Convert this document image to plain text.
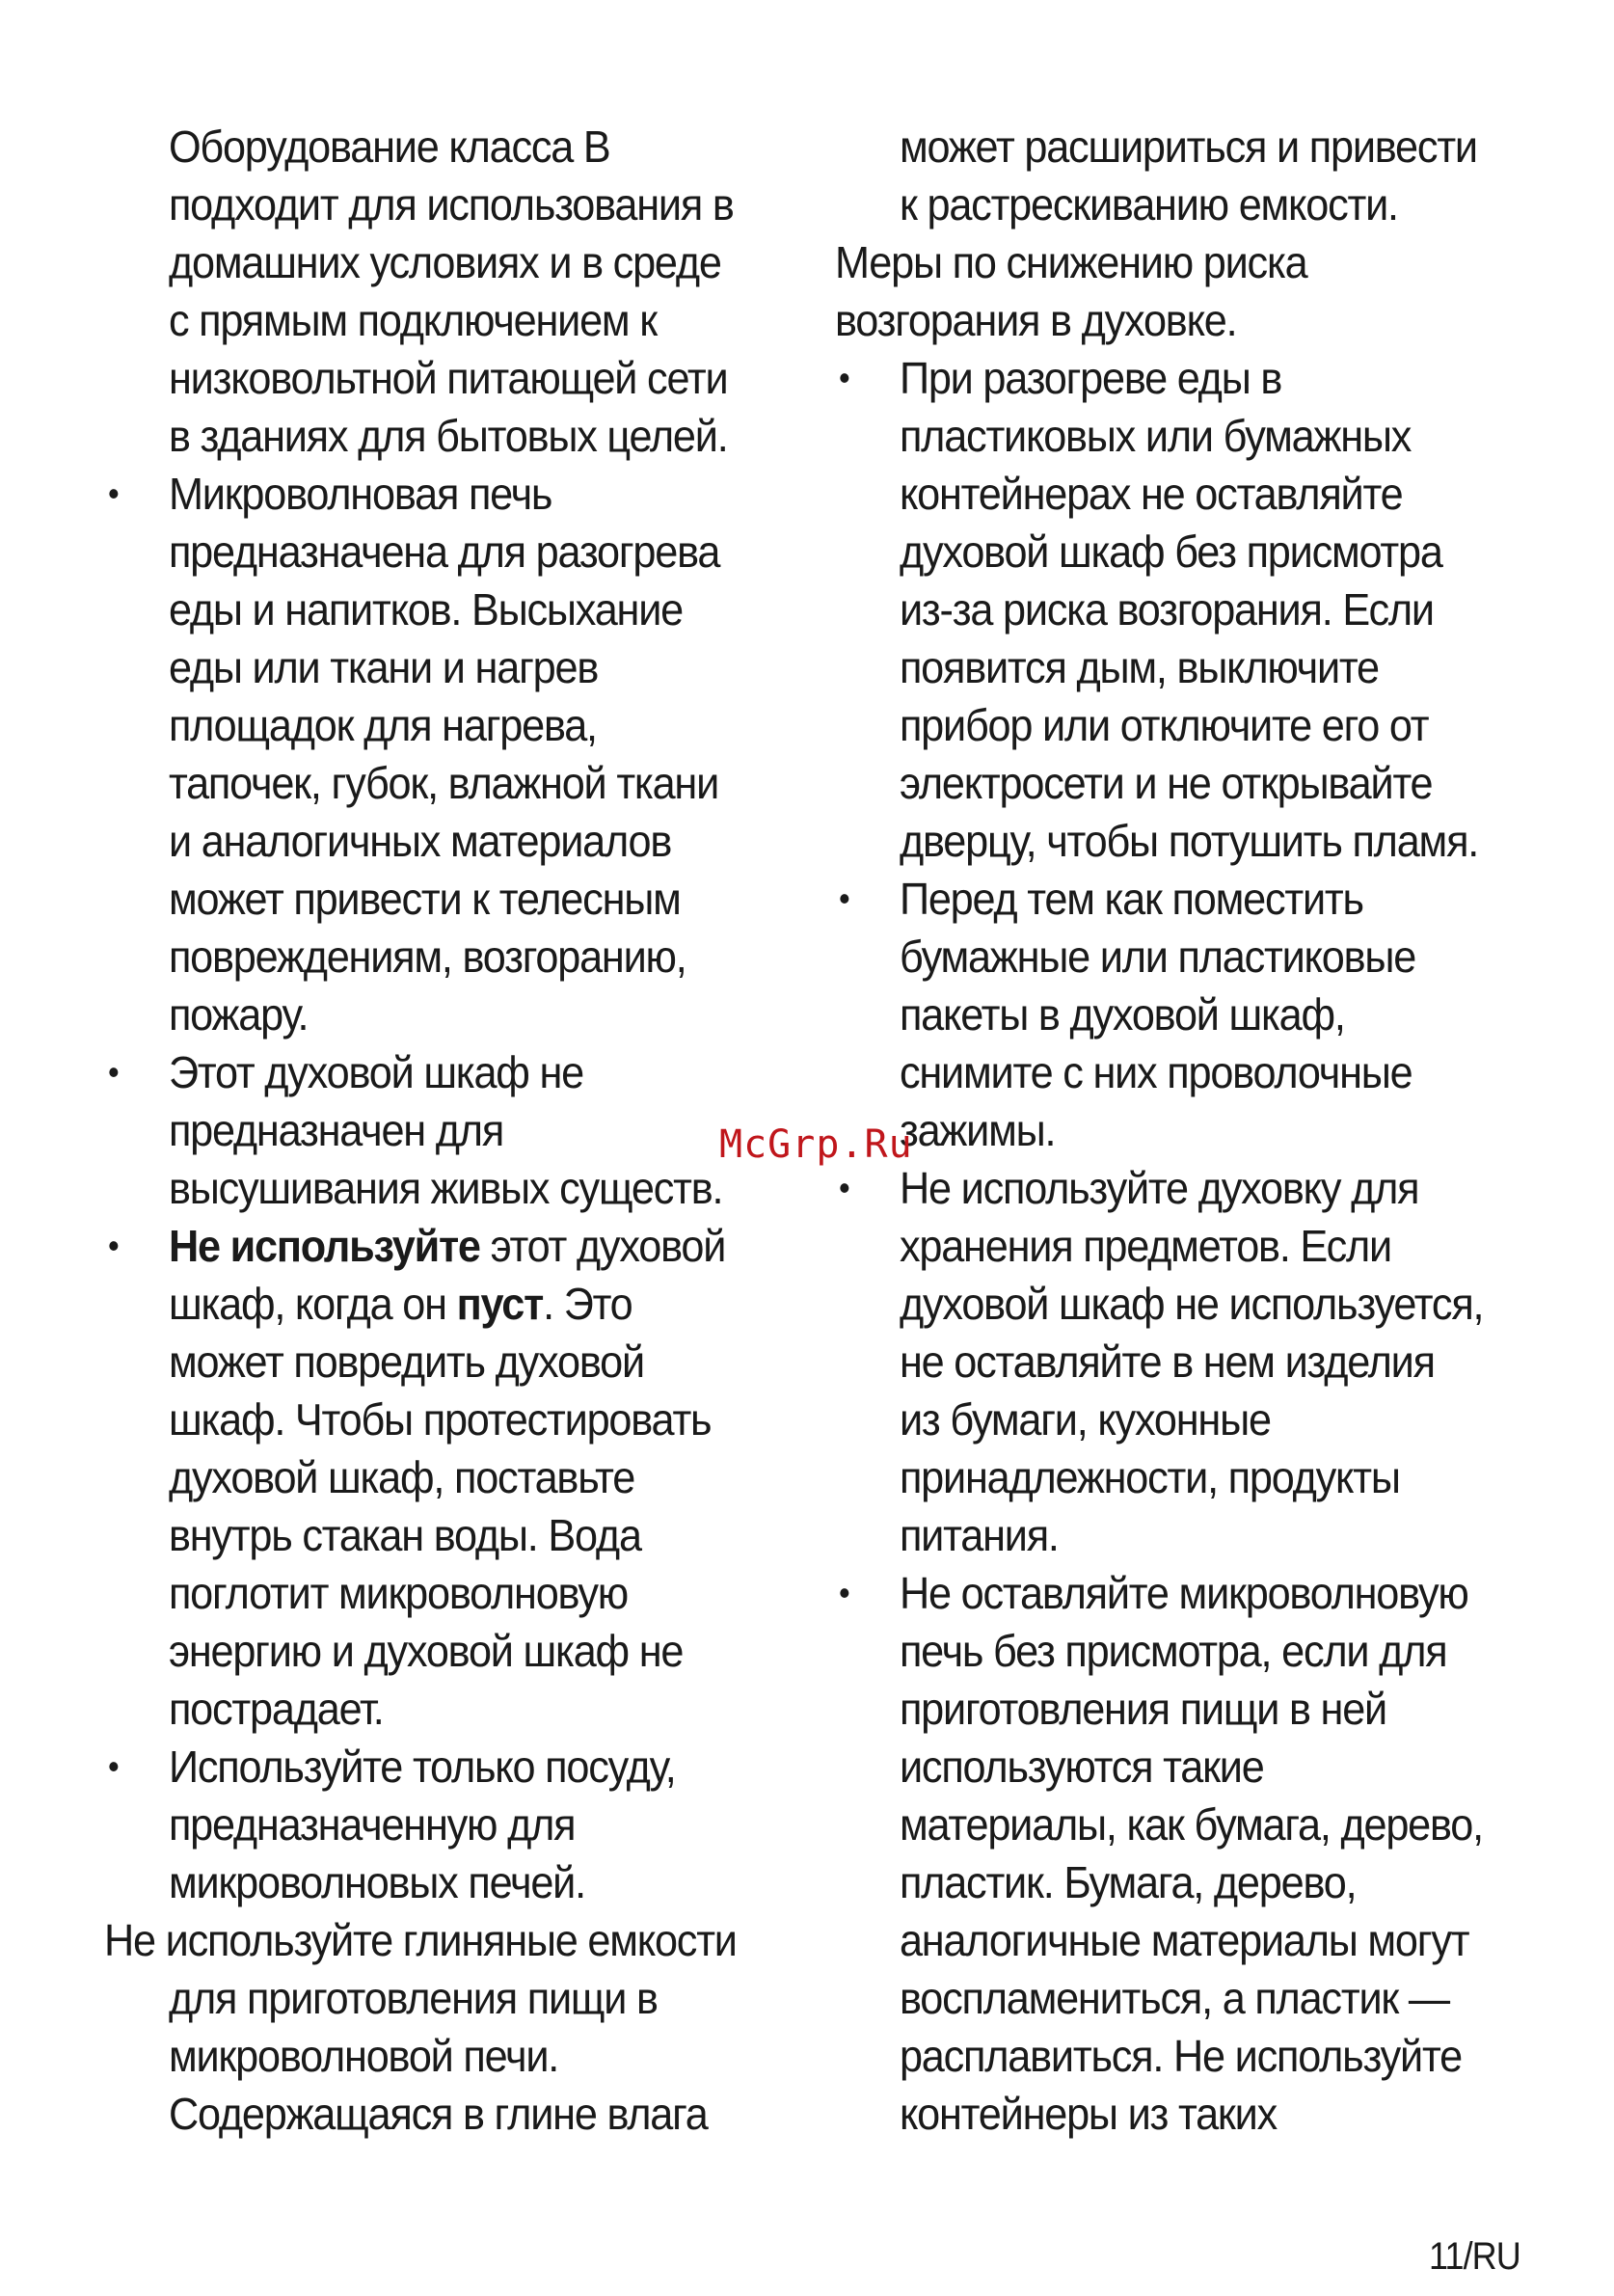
Оборудование класса В
подходит для использования в
домашних условиях и в среде
с прямым подключением к
низковольтной питающей сети
в зданиях для бытовых целей.
• Микроволновая печь
предназначена для разогрева
еды и напитков. Высыхание
еды или ткани и нагрев
площадок для нагрева,
тапочек, губок, влажной ткани
и аналогичных материалов
может привести к телесным
повреждениям, возгоранию,
пожару.
• Этот духовой шкаф не
предназначен для
высушивания живых существ.
• Не используйте этот духовой
шкаф, когда он пуст. Это
может повредить духовой
шкаф. Чтобы протестировать
духовой шкаф, поставьте
внутрь стакан воды. Вода
поглотит микроволновую
энергию и духовой шкаф не
пострадает.
• Используйте только посуду,
предназначенную для
микроволновых печей.
Не используйте глиняные емкости
для приготовления пищи в
микроволновой печи.
Содержащаяся в глине влага
может расшириться и привести
к растрескиванию емкости.
Меры по снижению риска
возгорания в духовке.
• При разогреве еды в
пластиковых или бумажных
контейнерах не оставляйте
духовой шкаф без присмотра
из-за риска возгорания. Если
появится дым, выключите
прибор или отключите его от
электросети и не открывайте
дверцу, чтобы потушить пламя.
• Перед тем как поместить
бумажные или пластиковые
пакеты в духовой шкаф,
снимите с них проволочные
зажимы.
• Не используйте духовку для
хранения предметов. Если
духовой шкаф не используется,
не оставляйте в нем изделия
из бумаги, кухонные
принадлежности, продукты
питания.
• Не оставляйте микроволновую
печь без присмотра, если для
приготовления пищи в ней
используются такие
материалы, как бумага, дерево,
пластик. Бумага, дерево,
аналогичные материалы могут
воспламениться, а пластик —
расплавиться. Не используйте
контейнеры из таких
McGrp.Ru
11/RU
